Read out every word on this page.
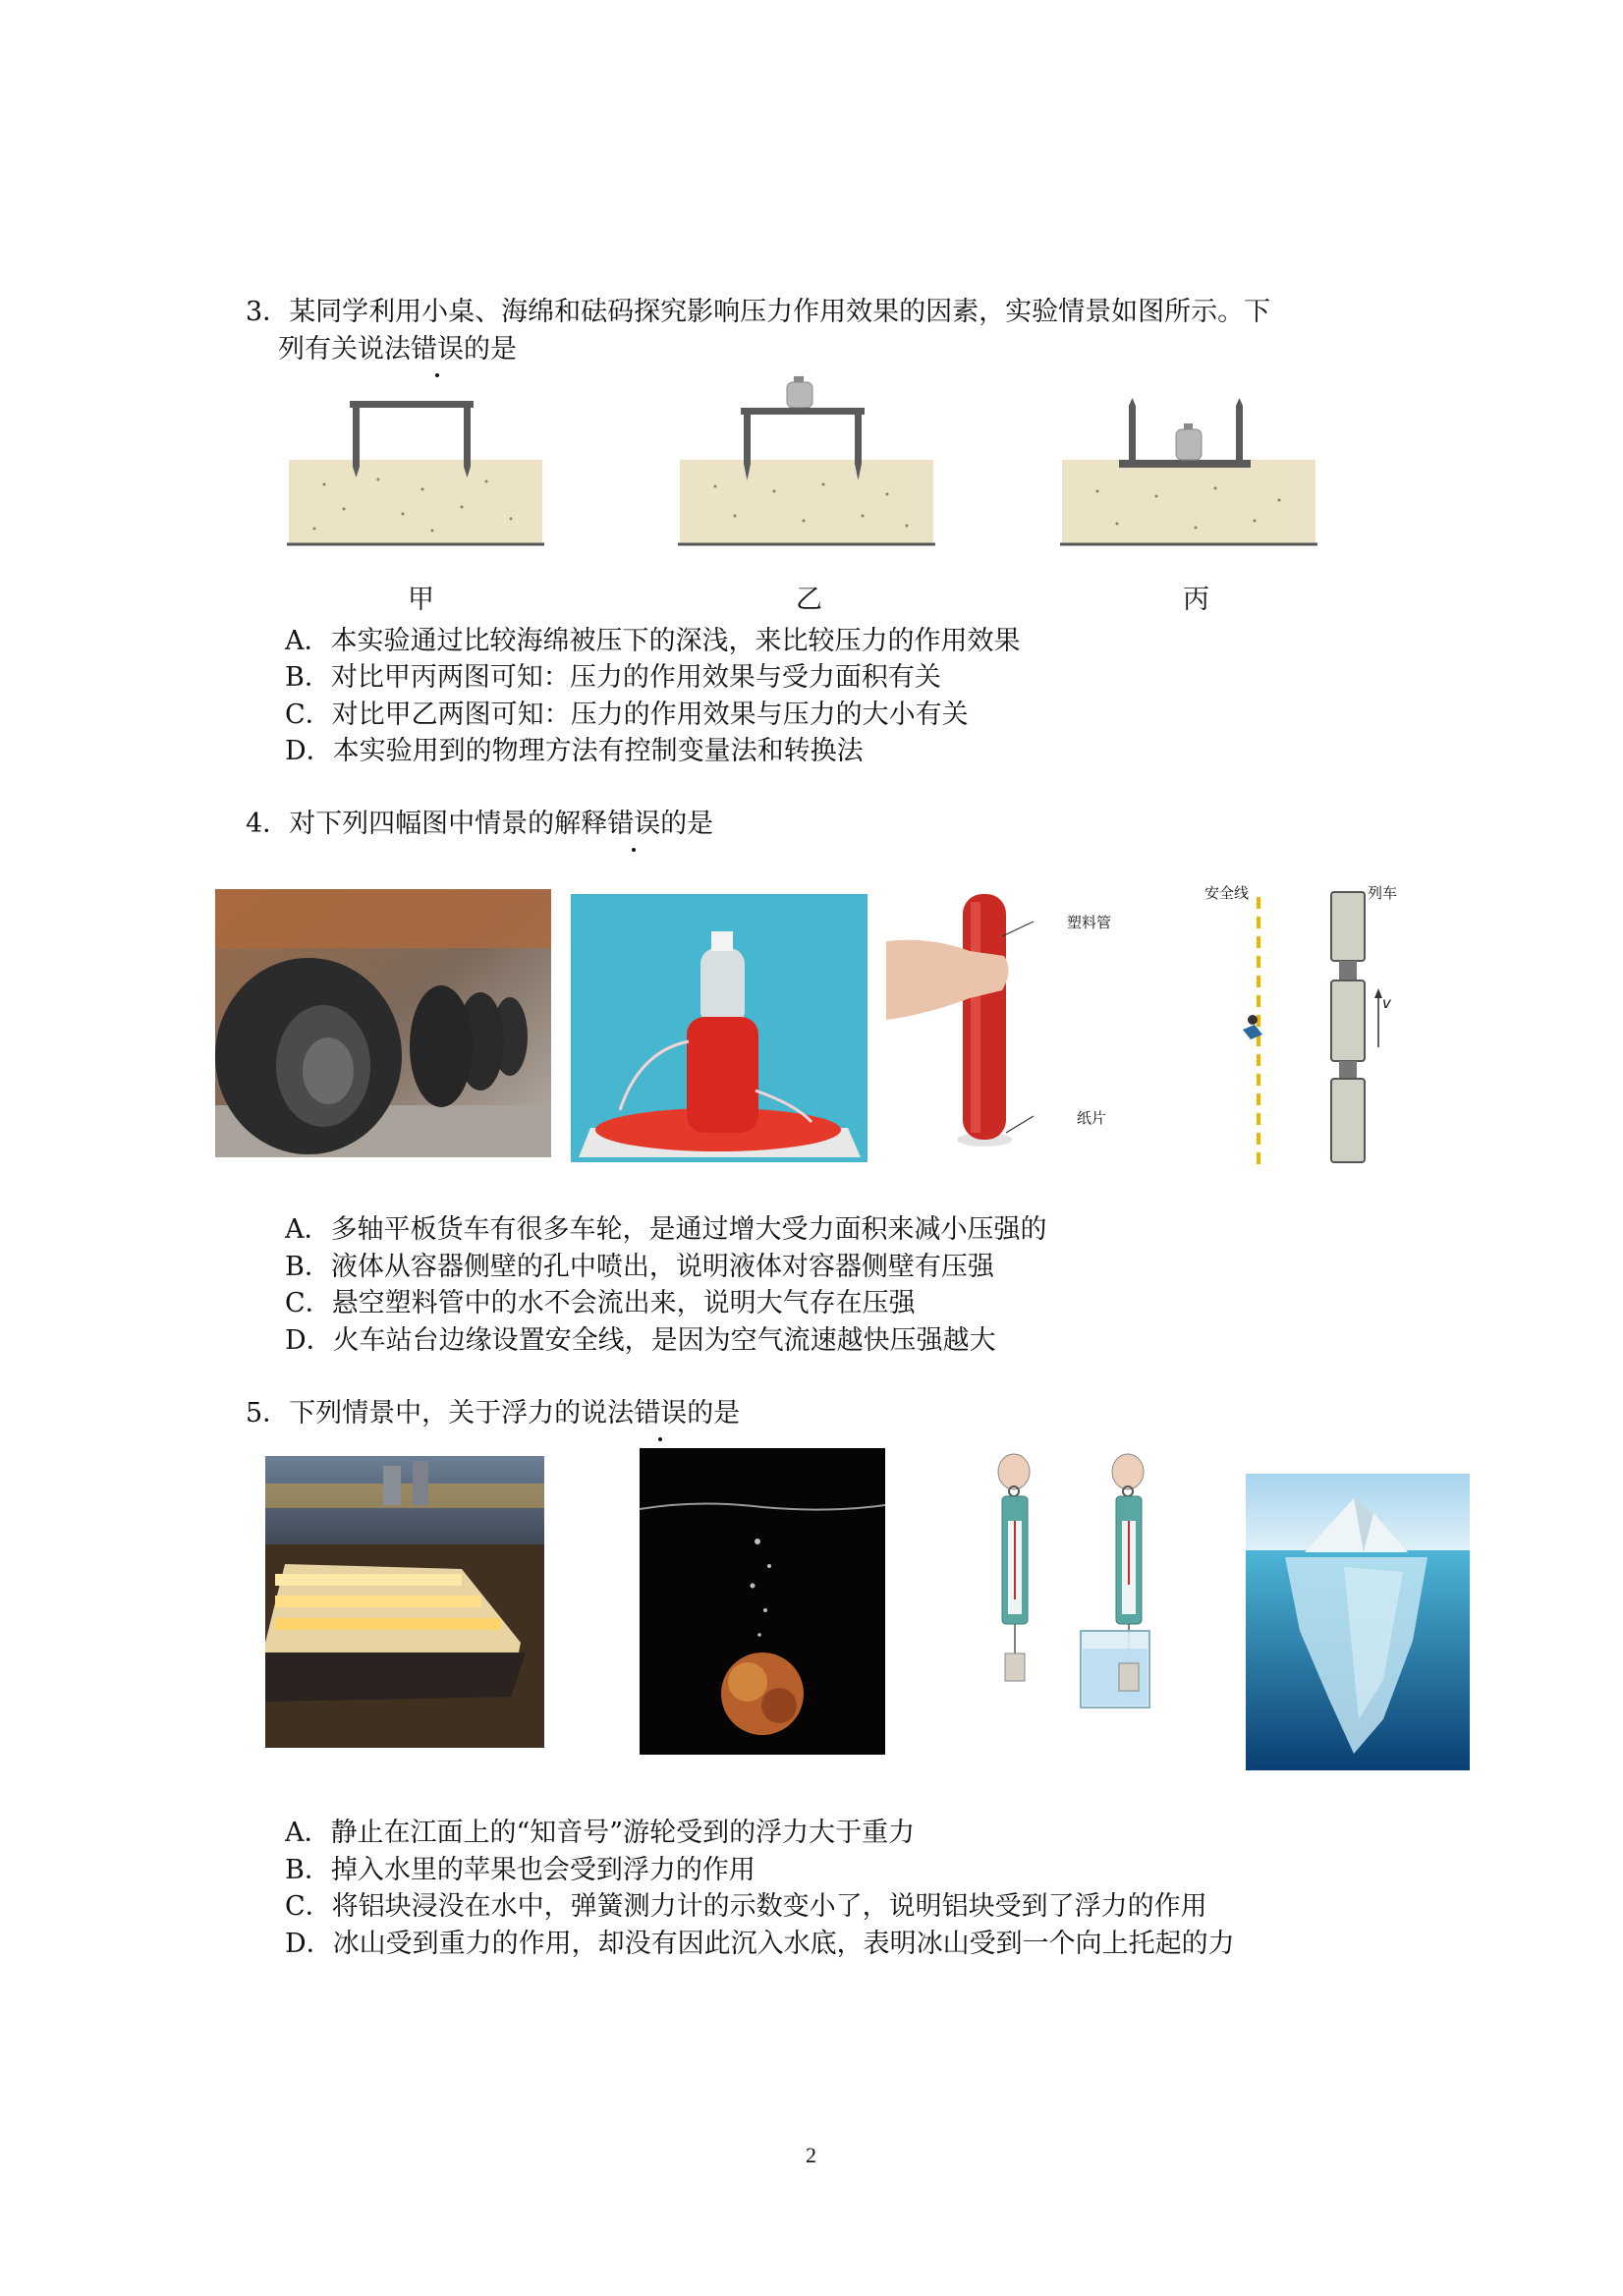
3．某同学利用小桌、海绵和砝码探究影响压力作用效果的因素，实验情景如图所示。下
列有关说法错误的是
甲	乙	丙
A．本实验通过比较海绵被压下的深浅，来比较压力的作用效果
B．对比甲丙两图可知：压力的作用效果与受力面积有关
C．对比甲乙两图可知：压力的作用效果与压力的大小有关
D．本实验用到的物理方法有控制变量法和转换法
4．对下列四幅图中情景的解释错误的是
塑料管
纸片
安全线	列车
v
A．多轴平板货车有很多车轮，是通过增大受力面积来减小压强的
B．液体从容器侧壁的孔中喷出，说明液体对容器侧壁有压强
C．悬空塑料管中的水不会流出来，说明大气存在压强
D．火车站台边缘设置安全线，是因为空气流速越快压强越大
5．下列情景中，关于浮力的说法错误的是
A．静止在江面上的“知音号”游轮受到的浮力大于重力
B．掉入水里的苹果也会受到浮力的作用
C．将铝块浸没在水中，弹簧测力计的示数变小了，说明铝块受到了浮力的作用
D．冰山受到重力的作用，却没有因此沉入水底，表明冰山受到一个向上托起的力
2
